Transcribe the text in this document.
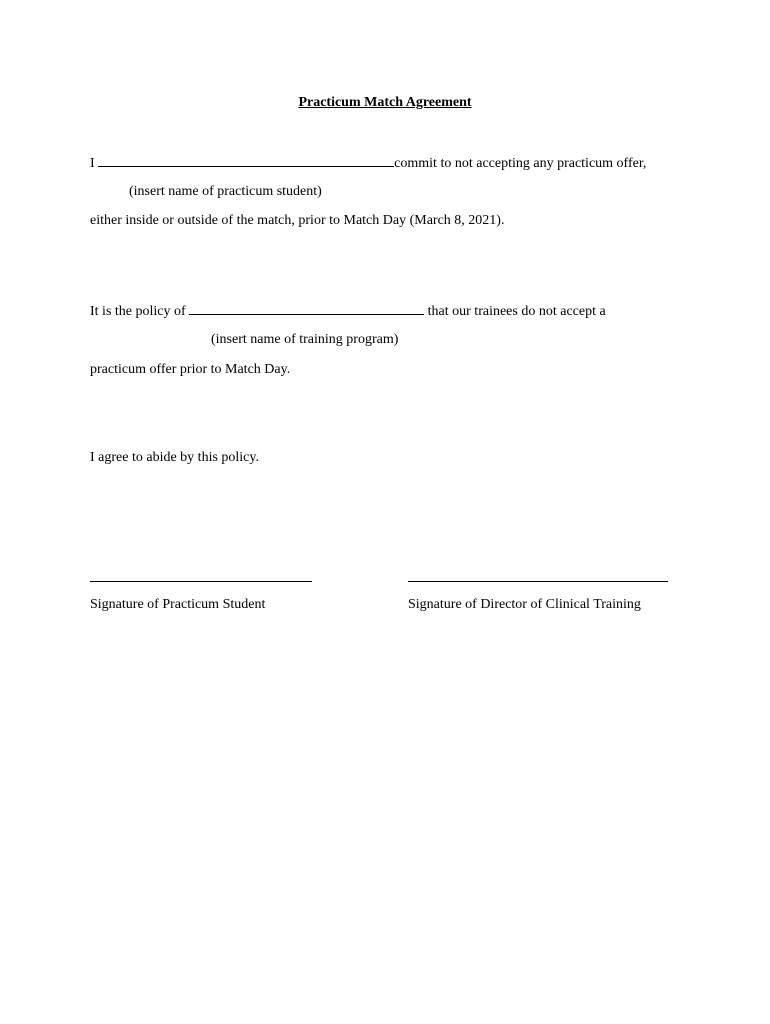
Practicum Match Agreement
I	commit to not accepting any practicum offer,
(insert name of practicum student)
either inside or outside of the match, prior to Match Day (March 8, 2021).
It is the policy of	that our trainees do not accept a
(insert name of training program)
practicum offer prior to Match Day.
I agree to abide by this policy.
Signature of Practicum Student	Signature of Director of Clinical Training
